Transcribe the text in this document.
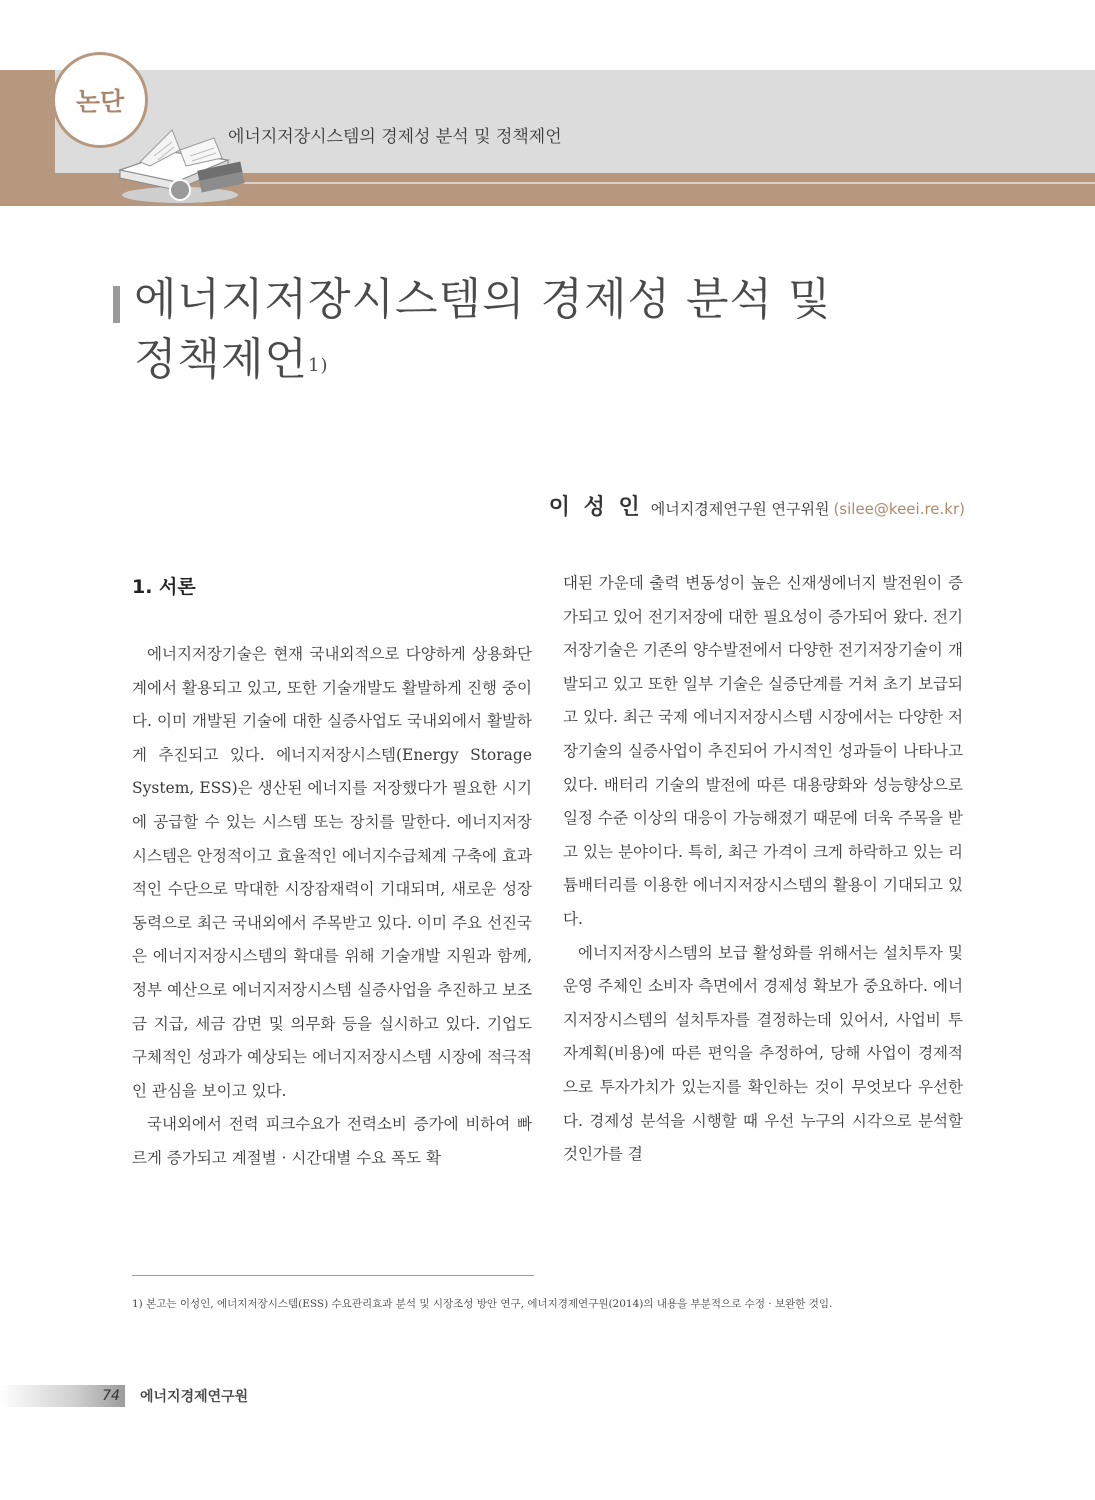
논단
에너지저장시스템의 경제성 분석 및 정책제언
에너지저장시스템의 경제성 분석 및
정책제언$^{1)}$
이 성 인 에너지경제연구원 연구위원 (silee@keei.re.kr)
1. 서론

에너지저장기술은 현재 국내외적으로 다양하게 상용화단계에서 활용되고 있고, 또한 기술개발도 활발하게 진행 중이다. 이미 개발된 기술에 대한 실증사업도 국내외에서 활발하게 추진되고 있다. 에너지저장시스템(Energy Storage System, ESS)은 생산된 에너지를 저장했다가 필요한 시기에 공급할 수 있는 시스템 또는 장치를 말한다. 에너지저장시스템은 안정적이고 효율적인 에너지수급체계 구축에 효과적인 수단으로 막대한 시장잠재력이 기대되며, 새로운 성장동력으로 최근 국내외에서 주목받고 있다. 이미 주요 선진국은 에너지저장시스템의 확대를 위해 기술개발 지원과 함께, 정부 예산으로 에너지저장시스템 실증사업을 추진하고 보조금 지급, 세금 감면 및 의무화 등을 실시하고 있다. 기업도 구체적인 성과가 예상되는 에너지저장시스템 시장에 적극적인 관심을 보이고 있다.

국내외에서 전력 피크수요가 전력소비 증가에 비하여 빠르게 증가되고 계절별 · 시간대별 수요 폭도 확

대된 가운데 출력 변동성이 높은 신재생에너지 발전원이 증가되고 있어 전기저장에 대한 필요성이 증가되어 왔다. 전기저장기술은 기존의 양수발전에서 다양한 전기저장기술이 개발되고 있고 또한 일부 기술은 실증단계를 거쳐 초기 보급되고 있다. 최근 국제 에너지저장시스템 시장에서는 다양한 저장기술의 실증사업이 추진되어 가시적인 성과들이 나타나고 있다. 배터리 기술의 발전에 따른 대용량화와 성능향상으로 일정 수준 이상의 대응이 가능해졌기 때문에 더욱 주목을 받고 있는 분야이다. 특히, 최근 가격이 크게 하락하고 있는 리튬배터리를 이용한 에너지저장시스템의 활용이 기대되고 있다.

에너지저장시스템의 보급 활성화를 위해서는 설치투자 및 운영 주체인 소비자 측면에서 경제성 확보가 중요하다. 에너지저장시스템의 설치투자를 결정하는데 있어서, 사업비 투자계획(비용)에 따른 편익을 추정하여, 당해 사업이 경제적으로 투자가치가 있는지를 확인하는 것이 무엇보다 우선한다. 경제성 분석을 시행할 때 우선 누구의 시각으로 분석할 것인가를 결

1) 본고는 이성인, 에너지저장시스템(ESS) 수요관리효과 분석 및 시장조성 방안 연구, 에너지경제연구원(2014)의 내용을 부분적으로 수정 · 보완한 것임.
74	에너지경제연구원
